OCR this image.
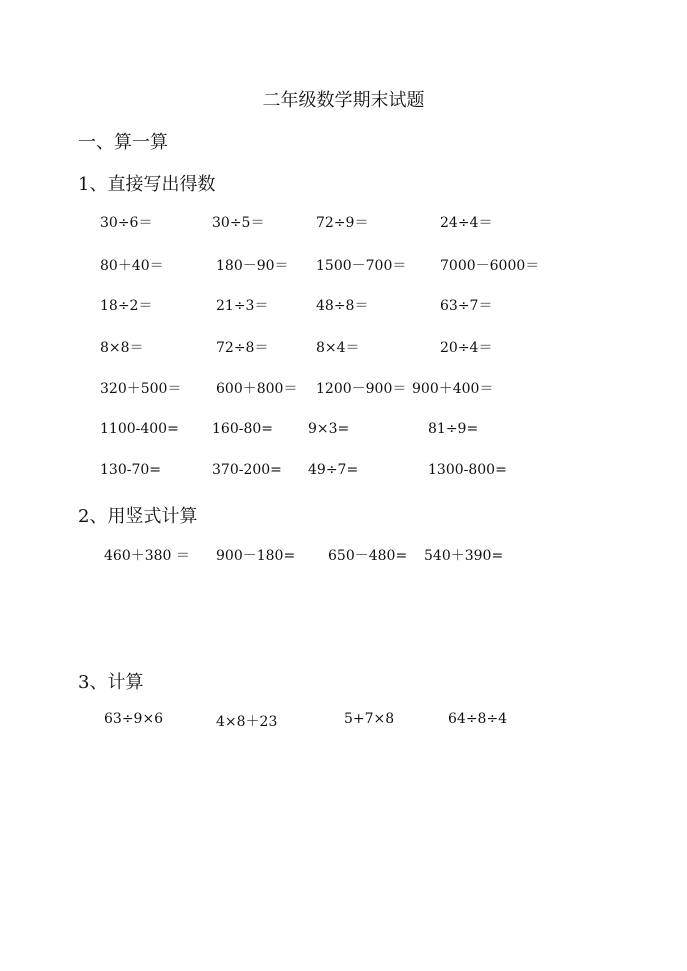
二年级数学期末试题
一、算一算
1、直接写出得数
30÷6＝	30÷5＝	72÷9＝	24÷4＝
80＋40＝	180－90＝ 1500－700＝ 7000－6000＝
18÷2＝	21÷3＝	48÷8＝	63÷7＝
8×8＝	72÷8＝	8×4＝	20÷4＝
320＋500＝ 600＋800＝ 1200－900＝ 900＋400＝
1100-400= 160-80=	9×3=	81÷9=
130-70=	370-200= 49÷7=	1300-800=
2、用竖式计算
460＋380 ＝ 900－180= 650－480= 540＋390=
3、计算
63÷9×6	4×8＋23	5+7×8	64÷8÷4
